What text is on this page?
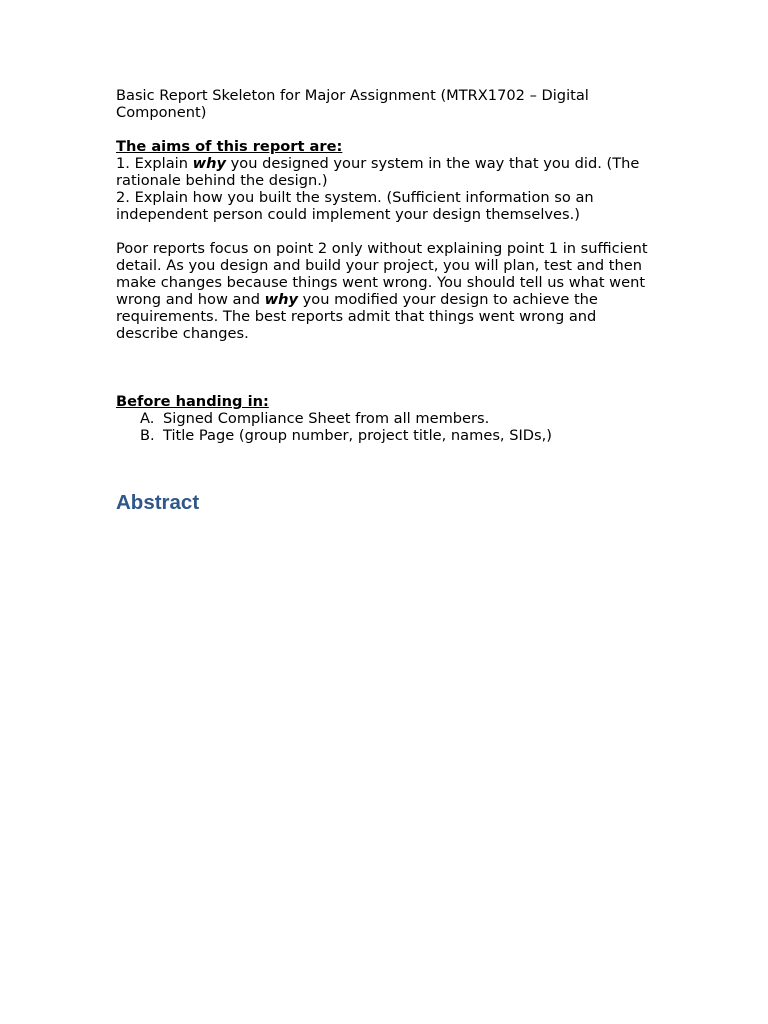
Basic Report Skeleton for Major Assignment (MTRX1702 – Digital Component)

The aims of this report are:

1. Explain why you designed your system in the way that you did. (The rationale behind the design.)

2. Explain how you built the system. (Sufficient information so an independent person could implement your design themselves.)

Poor reports focus on point 2 only without explaining point 1 in sufficient detail. As you design and build your project, you will plan, test and then make changes because things went wrong. You should tell us what went wrong and how and why you modified your design to achieve the requirements. The best reports admit that things went wrong and describe changes.

Before handing in:

A. Signed Compliance Sheet from all members.
B. Title Page (group number, project title, names, SIDs,)
Abstract
